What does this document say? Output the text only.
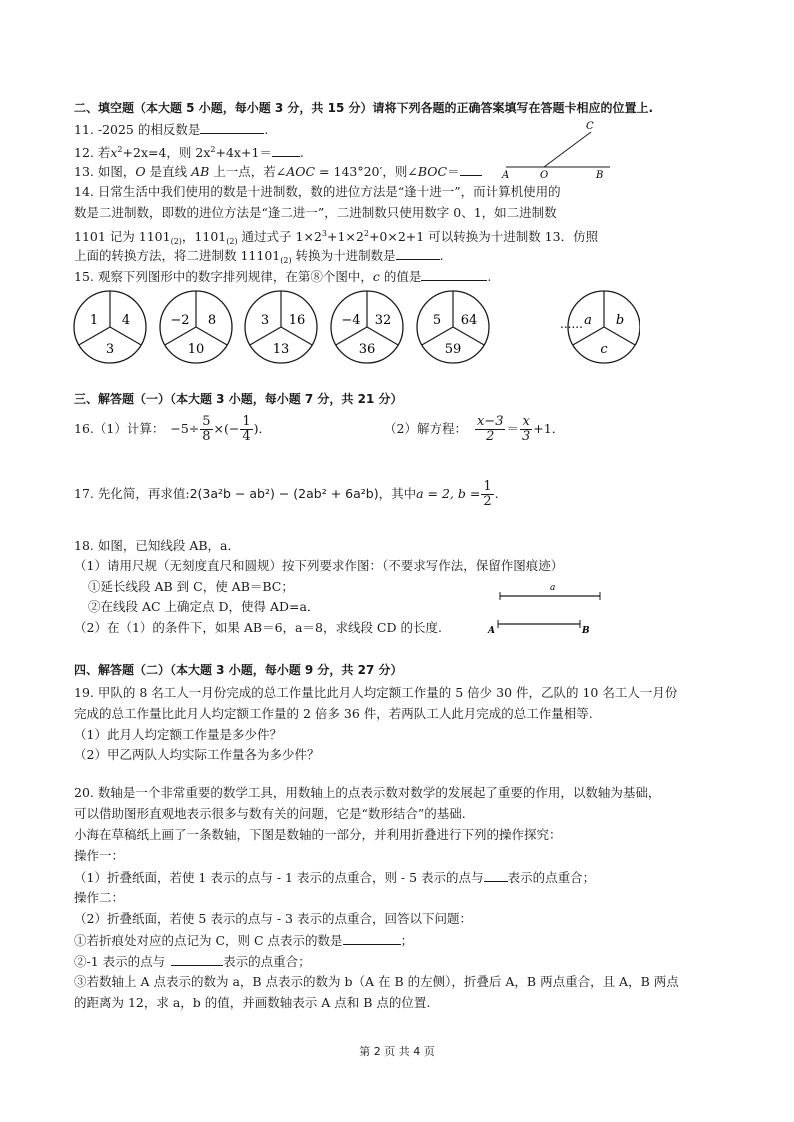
二、填空题（本大题 5 小题，每小题 3 分，共 15 分）请将下列各题的正确答案填写在答题卡相应的位置上.
11. -2025 的相反数是	.
12. 若$x^2+2x=4$，则 $2x^2+4x+1=$ .
13. 如图，O 是直线 AB 上一点，若∠AOC = 143°20′，则∠BOC＝	A	O	B
C
14. 日常生活中我们使用的数是十进制数，数的进位方法是“逢十进一”，而计算机使用的
数是二进制数，即数的进位方法是“逢二进一”，二进制数只使用数字 0、1，如二进制数
1101 记为 $1101_{(2)}$，$1101_{(2)}$ 通过式子 $1\times 2^3+1\times 2^2+0\times 2+1$ 可以转换为十进制数 13．仿照
上面的转换方法，将二进制数 $11101_{(2)}$ 转换为十进制数是	.
15. 观察下列图形中的数字排列规律，在第⑧个图中，c 的值是	.
1 4
3
−2 8
10
3 16
13
−4 32
36
5 64
59
a b
c
......
三、解答题（一）（本大题 3 小题，每小题 7 分，共 21 分）
16.（1）计算： $-5\div \frac{5}{8}$ ×(− $\frac{1}{4}$ )．	（2）解方程： $\frac{x-3}{2} = \frac{x}{3} +1$．
17. 先化简，再求值: 2(3a²b − ab²) − (2ab² + 6a²b) ，其中 a = 2, $b = \frac{1}{2}$ .
18. 如图，已知线段 AB，a．
（1）请用尺规（无刻度直尺和圆规）按下列要求作图：（不要求写作法，保留作图痕迹）
①延长线段 AB 到 C，使 AB＝BC；
②在线段 AC 上确定点 D，使得 AD=a．
（2）在（1）的条件下，如果 AB＝6，a＝8，求线段 CD 的长度.
a
A	B
四、解答题（二）（本大题 3 小题，每小题 9 分，共 27 分）
19. 甲队的 8 名工人一月份完成的总工作量比此月人均定额工作量的 5 倍少 30 件，乙队的 10 名工人一月份
完成的总工作量比此月人均定额工作量的 2 倍多 36 件，若两队工人此月完成的总工作量相等.
（1）此月人均定额工作量是多少件？
（2）甲乙两队人均实际工作量各为多少件？
20. 数轴是一个非常重要的数学工具，用数轴上的点表示数对数学的发展起了重要的作用，以数轴为基础，
可以借助图形直观地表示很多与数有关的问题，它是“数形结合”的基础.
小海在草稿纸上画了一条数轴，下图是数轴的一部分，并利用折叠进行下列的操作探究：
操作一：
（1）折叠纸面，若使 1 表示的点与 - 1 表示的点重合，则 - 5 表示的点与 表示的点重合；
操作二：
（2）折叠纸面，若使 5 表示的点与 - 3 表示的点重合，回答以下问题：
①若折痕处对应的点记为 C，则 C 点表示的数是	；
②-1 表示的点与	表示的点重合；
③若数轴上 A 点表示的数为 a，B 点表示的数为 b（A 在 B 的左侧），折叠后 A，B 两点重合，且 A，B 两点
的距离为 12，求 a，b 的值，并画数轴表示 A 点和 B 点的位置.
第 2 页 共 4 页
